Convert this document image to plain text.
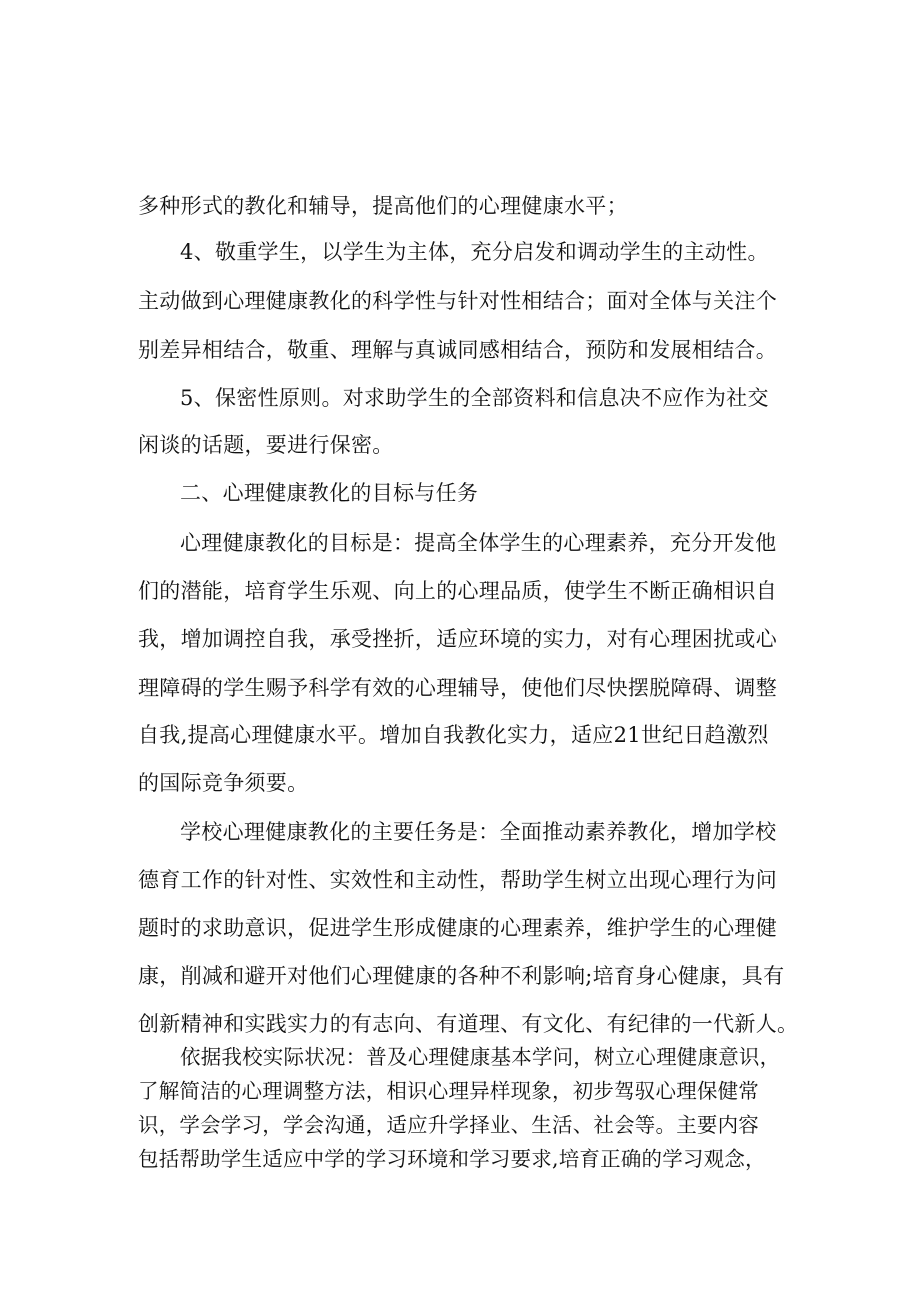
多种形式的教化和辅导，提高他们的心理健康水平；
4、敬重学生，以学生为主体，充分启发和调动学生的主动性。
主动做到心理健康教化的科学性与针对性相结合；面对全体与关注个
别差异相结合，敬重、理解与真诚同感相结合，预防和发展相结合。
5、保密性原则。对求助学生的全部资料和信息决不应作为社交
闲谈的话题，要进行保密。
二、心理健康教化的目标与任务
心理健康教化的目标是：提高全体学生的心理素养，充分开发他
们的潜能，培育学生乐观、向上的心理品质，使学生不断正确相识自
我，增加调控自我，承受挫折，适应环境的实力，对有心理困扰或心
理障碍的学生赐予科学有效的心理辅导，使他们尽快摆脱障碍、调整
自我,提高心理健康水平。增加自我教化实力，适应21世纪日趋激烈
的国际竞争须要。
学校心理健康教化的主要任务是：全面推动素养教化，增加学校
德育工作的针对性、实效性和主动性，帮助学生树立出现心理行为问
题时的求助意识，促进学生形成健康的心理素养，维护学生的心理健
康，削减和避开对他们心理健康的各种不利影响;培育身心健康，具有
创新精神和实践实力的有志向、有道理、有文化、有纪律的一代新人。
依据我校实际状况：普及心理健康基本学问，树立心理健康意识，
了解简洁的心理调整方法，相识心理异样现象，初步驾驭心理保健常
识，学会学习，学会沟通，适应升学择业、生活、社会等。主要内容
包括帮助学生适应中学的学习环境和学习要求,培育正确的学习观念，
